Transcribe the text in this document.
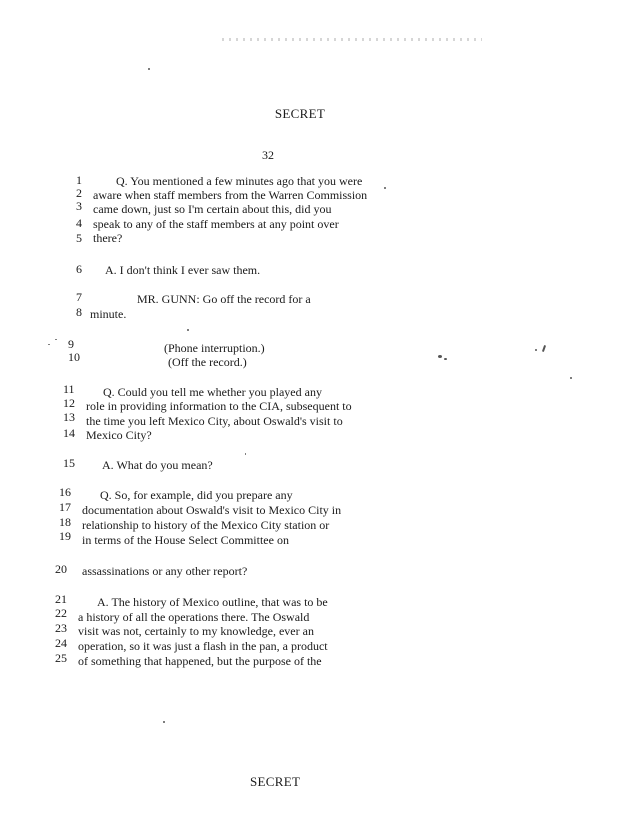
SECRET
32
1
2
3
4
5
6
7
8
9
10
11
12
13
14
15
16
17
18
19
20
21
22
23
24
25
Q. You mentioned a few minutes ago that you were
aware when staff members from the Warren Commission
came down, just so I'm certain about this, did you
speak to any of the staff members at any point over
there?
A. I don't think I ever saw them.
MR. GUNN: Go off the record for a
minute.
(Phone interruption.)
(Off the record.)
Q. Could you tell me whether you played any
role in providing information to the CIA, subsequent to
the time you left Mexico City, about Oswald's visit to
Mexico City?
A. What do you mean?
Q. So, for example, did you prepare any
documentation about Oswald's visit to Mexico City in
relationship to history of the Mexico City station or
in terms of the House Select Committee on
assassinations or any other report?
A. The history of Mexico outline, that was to be
a history of all the operations there. The Oswald
visit was not, certainly to my knowledge, ever an
operation, so it was just a flash in the pan, a product
of something that happened, but the purpose of the
SECRET
